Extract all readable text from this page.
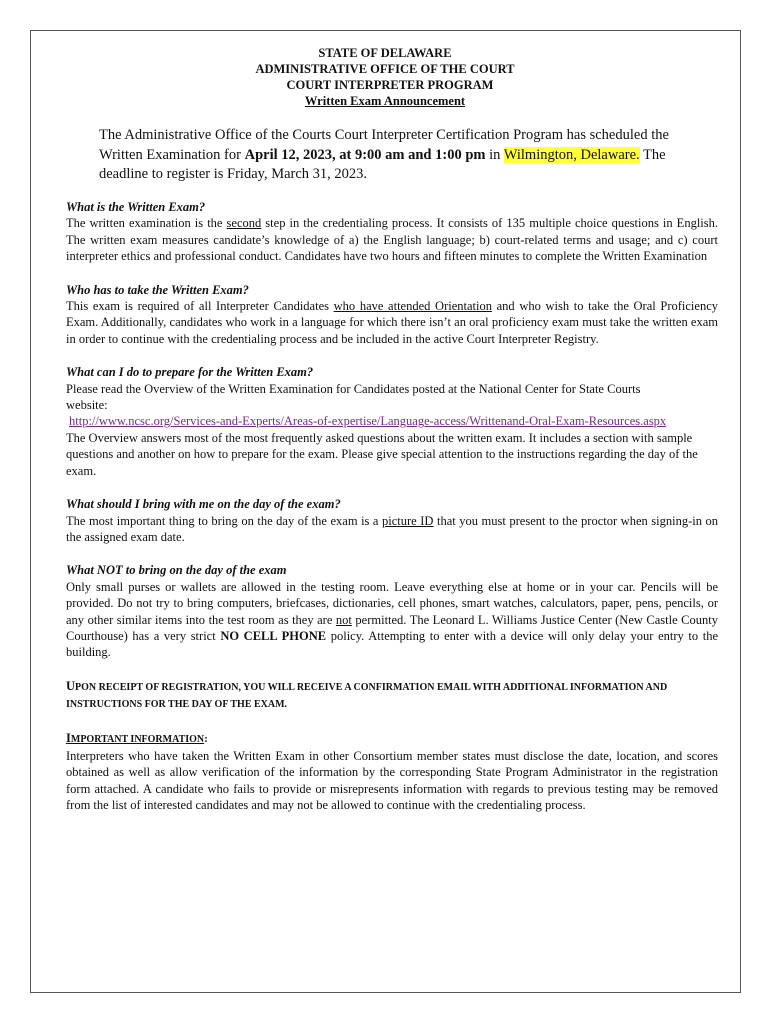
STATE OF DELAWARE
ADMINISTRATIVE OFFICE OF THE COURT
COURT INTERPRETER PROGRAM
Written Exam Announcement
The Administrative Office of the Courts Court Interpreter Certification Program has scheduled the Written Examination for April 12, 2023, at 9:00 am and 1:00 pm in Wilmington, Delaware. The deadline to register is Friday, March 31, 2023.

What is the Written Exam?

The written examination is the second step in the credentialing process. It consists of 135 multiple choice questions in English. The written exam measures candidate’s knowledge of a) the English language; b) court-related terms and usage; and c) court interpreter ethics and professional conduct. Candidates have two hours and fifteen minutes to complete the Written Examination

Who has to take the Written Exam?

This exam is required of all Interpreter Candidates who have attended Orientation and who wish to take the Oral Proficiency Exam. Additionally, candidates who work in a language for which there isn’t an oral proficiency exam must take the written exam in order to continue with the credentialing process and be included in the active Court Interpreter Registry.

What can I do to prepare for the Written Exam?

Please read the Overview of the Written Examination for Candidates posted at the National Center for State Courts website:

http://www.ncsc.org/Services-and-Experts/Areas-of-expertise/Language-access/Writtenand-Oral-Exam-Resources.aspx

The Overview answers most of the most frequently asked questions about the written exam. It includes a section with sample questions and another on how to prepare for the exam. Please give special attention to the instructions regarding the day of the exam.

What should I bring with me on the day of the exam?

The most important thing to bring on the day of the exam is a picture ID that you must present to the proctor when signing-in on the assigned exam date.

What NOT to bring on the day of the exam

Only small purses or wallets are allowed in the testing room. Leave everything else at home or in your car. Pencils will be provided. Do not try to bring computers, briefcases, dictionaries, cell phones, smart watches, calculators, paper, pens, pencils, or any other similar items into the test room as they are not permitted. The Leonard L. Williams Justice Center (New Castle County Courthouse) has a very strict NO CELL PHONE policy. Attempting to enter with a device will only delay your entry to the building.

UPON RECEIPT OF REGISTRATION, YOU WILL RECEIVE A CONFIRMATION EMAIL WITH ADDITIONAL INFORMATION AND INSTRUCTIONS FOR THE DAY OF THE EXAM.

IMPORTANT INFORMATION:

Interpreters who have taken the Written Exam in other Consortium member states must disclose the date, location, and scores obtained as well as allow verification of the information by the corresponding State Program Administrator in the registration form attached. A candidate who fails to provide or misrepresents information with regards to previous testing may be removed from the list of interested candidates and may not be allowed to continue with the credentialing process.
